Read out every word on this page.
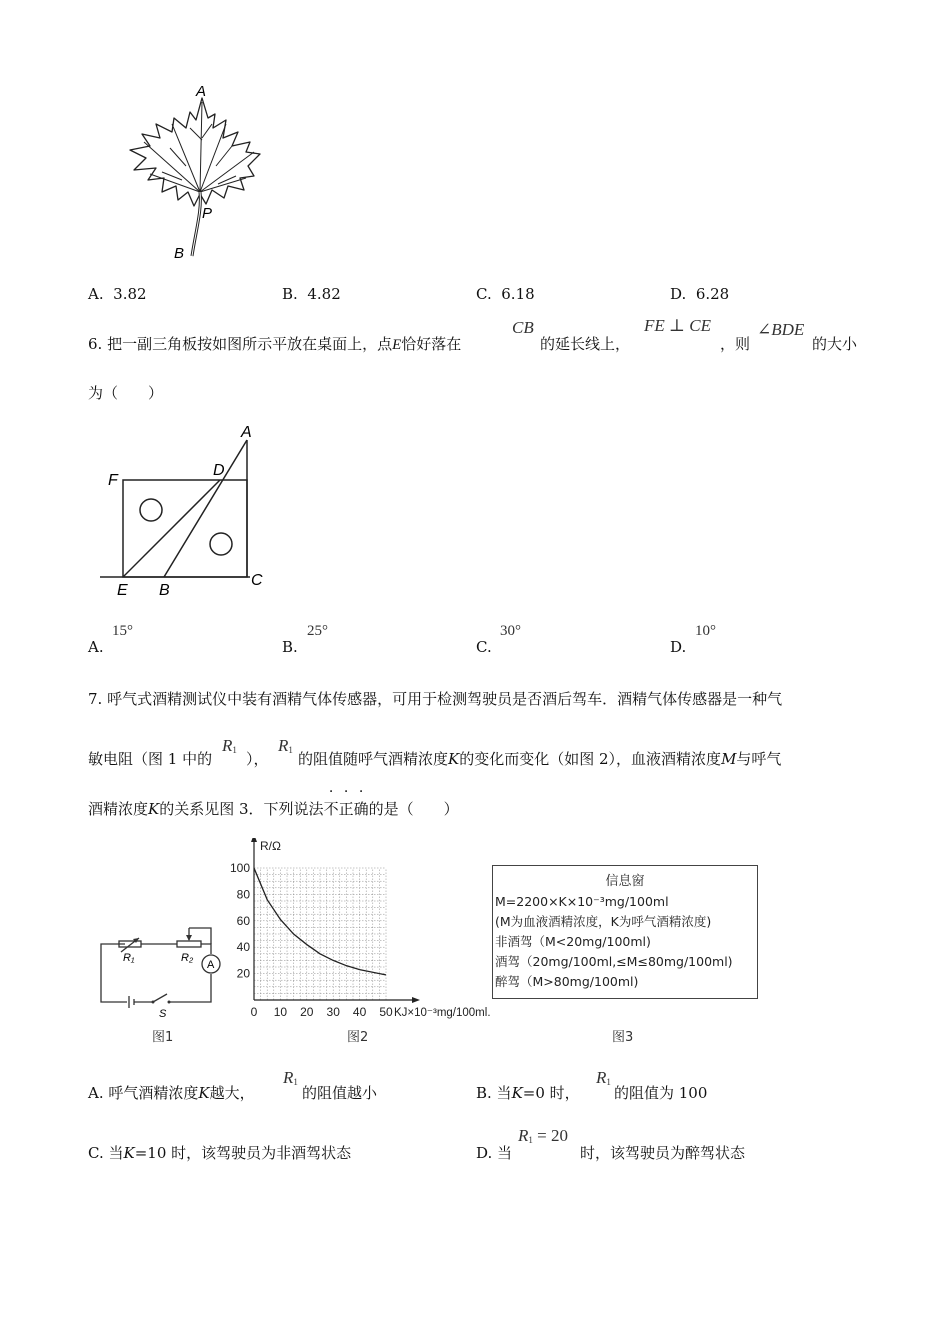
A
P
B
A. 3.82	B. 4.82	C. 6.18	D. 6.28
6. 把一副三角板按如图所示平放在桌面上，点E恰好落在
CB
的延长线上，
FE ⊥ CE
，则
∠BDE
的大小
为（　　）
A
D
F
E B
C
A.
15°
B.
25°
C.
30°
D.
10°
7. 呼气式酒精测试仪中装有酒精气体传感器，可用于检测驾驶员是否酒后驾车．酒精气体传感器是一种气
敏电阻（图 1 中的
$R_1$ ），
$R_1$ 的阻值随呼气酒精浓度K的变化而变化（如图 2），血液酒精浓度M与呼气
酒精浓度K的关系见图 3．下列说法不正确的是（　　）
R₁	R₂
A
S
图1
20
40
60
80
100
0 10 20 30 40 50
R/Ω
KJ×10⁻³mg/100ml.
图2
信息窗
M=2200×K×10⁻³mg/100ml
(M为血液酒精浓度，K为呼气酒精浓度)
非酒驾（M<20mg/100ml)
酒驾（20mg/100ml,≤M≤80mg/100ml)
醉驾（M>80mg/100ml)
图3
A. 呼气酒精浓度K越大，
$R_1$
的阻值越小	B. 当K=0 时，
$R_1$
的阻值为 100
C. 当K=10 时，该驾驶员为非酒驾状态	D. 当
$R_1 = 20$
时，该驾驶员为醉驾状态
